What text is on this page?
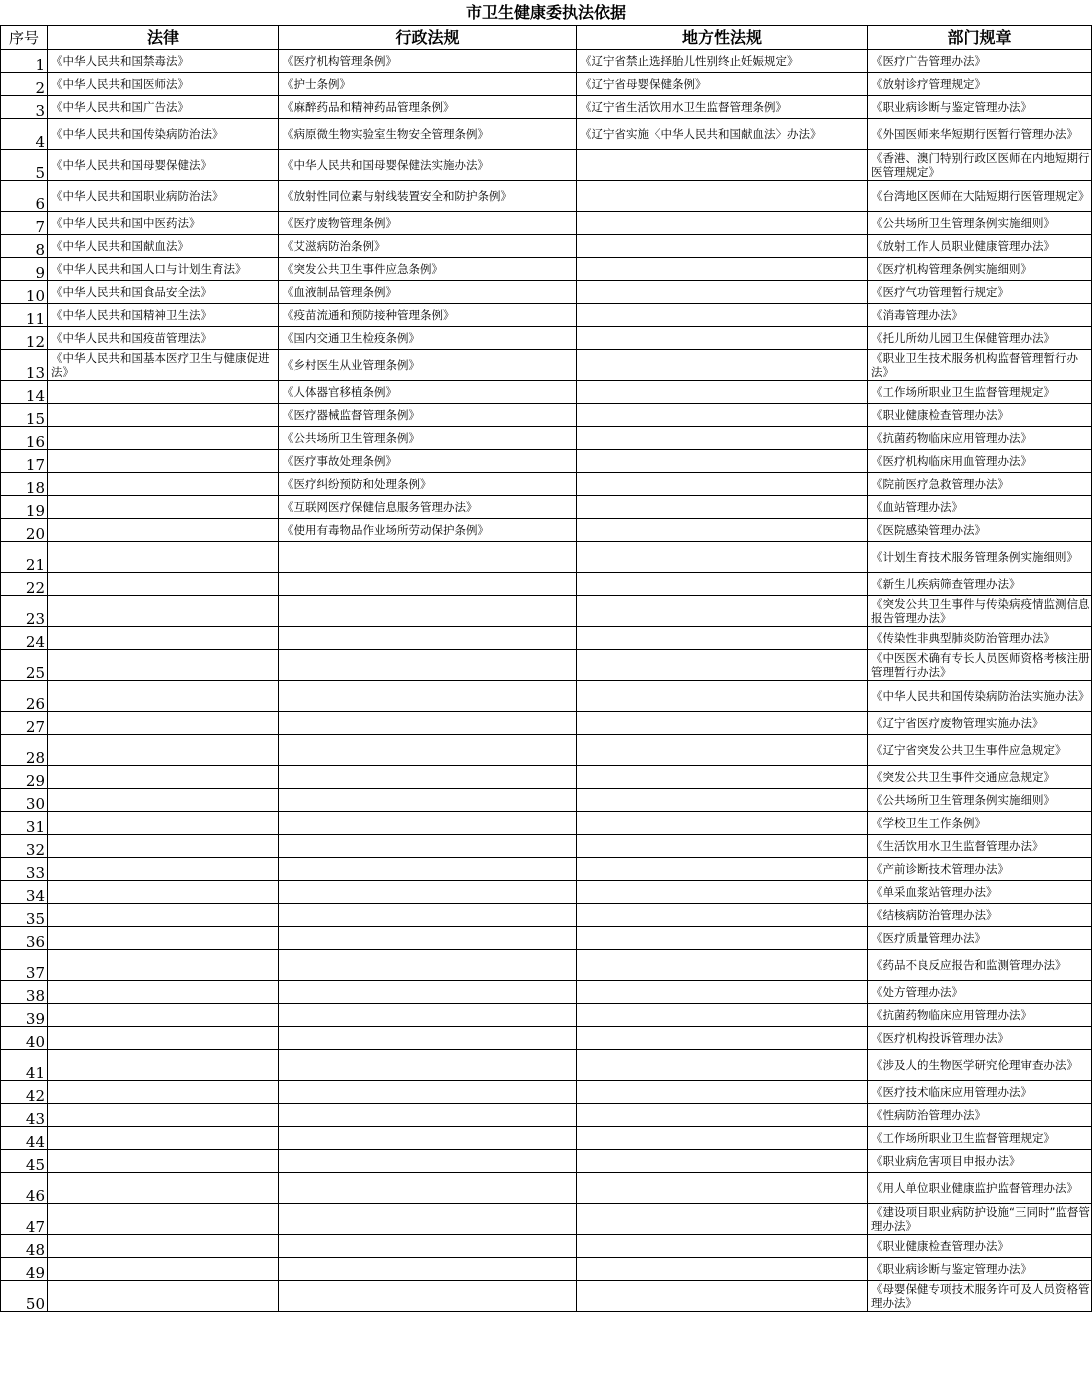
市卫生健康委执法依据
序号	法律	行政法规	地方性法规	部门规章
1	《中华人民共和国禁毒法》	《医疗机构管理条例》	《辽宁省禁止选择胎儿性别终止妊娠规定》	《医疗广告管理办法》
2	《中华人民共和国医师法》	《护士条例》	《辽宁省母婴保健条例》	《放射诊疗管理规定》
3	《中华人民共和国广告法》	《麻醉药品和精神药品管理条例》	《辽宁省生活饮用水卫生监督管理条例》	《职业病诊断与鉴定管理办法》
4	《中华人民共和国传染病防治法》	《病原微生物实验室生物安全管理条例》	《辽宁省实施〈中华人民共和国献血法〉办法》	《外国医师来华短期行医暂行管理办法》
5	《中华人民共和国母婴保健法》	《中华人民共和国母婴保健法实施办法》		《香港、澳门特别行政区医师在内地短期行医管理规定》
6	《中华人民共和国职业病防治法》	《放射性同位素与射线装置安全和防护条例》		《台湾地区医师在大陆短期行医管理规定》
7	《中华人民共和国中医药法》	《医疗废物管理条例》		《公共场所卫生管理条例实施细则》
8	《中华人民共和国献血法》	《艾滋病防治条例》		《放射工作人员职业健康管理办法》
9	《中华人民共和国人口与计划生育法》	《突发公共卫生事件应急条例》		《医疗机构管理条例实施细则》
10	《中华人民共和国食品安全法》	《血液制品管理条例》		《医疗气功管理暂行规定》
11	《中华人民共和国精神卫生法》	《疫苗流通和预防接种管理条例》		《消毒管理办法》
12	《中华人民共和国疫苗管理法》	《国内交通卫生检疫条例》		《托儿所幼儿园卫生保健管理办法》
13	《中华人民共和国基本医疗卫生与健康促进法》	《乡村医生从业管理条例》		《职业卫生技术服务机构监督管理暂行办法》
14		《人体器官移植条例》		《工作场所职业卫生监督管理规定》
15		《医疗器械监督管理条例》		《职业健康检查管理办法》
16		《公共场所卫生管理条例》		《抗菌药物临床应用管理办法》
17		《医疗事故处理条例》		《医疗机构临床用血管理办法》
18		《医疗纠纷预防和处理条例》		《院前医疗急救管理办法》
19		《互联网医疗保健信息服务管理办法》		《血站管理办法》
20		《使用有毒物品作业场所劳动保护条例》		《医院感染管理办法》
21				《计划生育技术服务管理条例实施细则》
22				《新生儿疾病筛查管理办法》
23				《突发公共卫生事件与传染病疫情监测信息报告管理办法》
24				《传染性非典型肺炎防治管理办法》
25				《中医医术确有专长人员医师资格考核注册管理暂行办法》
26				《中华人民共和国传染病防治法实施办法》
27				《辽宁省医疗废物管理实施办法》
28				《辽宁省突发公共卫生事件应急规定》
29				《突发公共卫生事件交通应急规定》
30				《公共场所卫生管理条例实施细则》
31				《学校卫生工作条例》
32				《生活饮用水卫生监督管理办法》
33				《产前诊断技术管理办法》
34				《单采血浆站管理办法》
35				《结核病防治管理办法》
36				《医疗质量管理办法》
37				《药品不良反应报告和监测管理办法》
38				《处方管理办法》
39				《抗菌药物临床应用管理办法》
40				《医疗机构投诉管理办法》
41				《涉及人的生物医学研究伦理审查办法》
42				《医疗技术临床应用管理办法》
43				《性病防治管理办法》
44				《工作场所职业卫生监督管理规定》
45				《职业病危害项目申报办法》
46				《用人单位职业健康监护监督管理办法》
47				《建设项目职业病防护设施“三同时”监督管理办法》
48				《职业健康检查管理办法》
49				《职业病诊断与鉴定管理办法》
50				《母婴保健专项技术服务许可及人员资格管理办法》
